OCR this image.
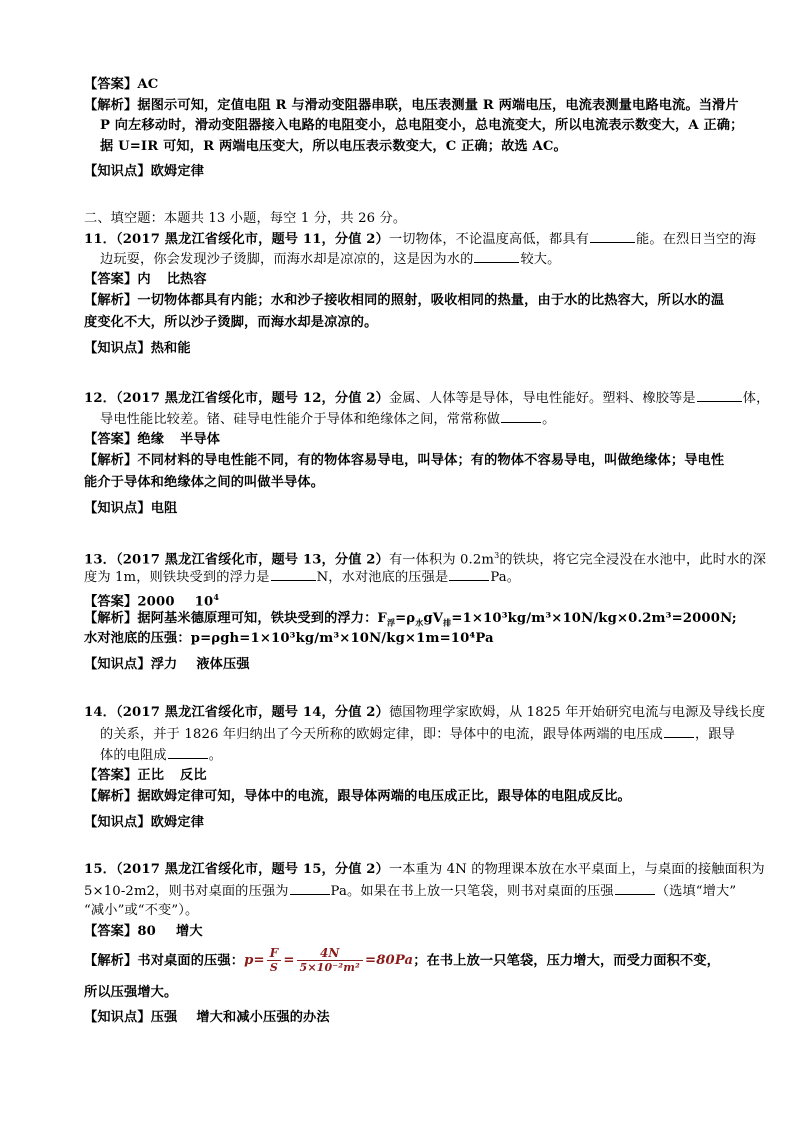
【答案】AC
【解析】据图示可知，定值电阻 R 与滑动变阻器串联，电压表测量 R 两端电压，电流表测量电路电流。当滑片
P 向左移动时，滑动变阻器接入电路的电阻变小，总电阻变小，总电流变大，所以电流表示数变大，A 正确；
据 U=IR 可知，R 两端电压变大，所以电压表示数变大，C 正确；故选 AC。
【知识点】欧姆定律
二、填空题：本题共 13 小题，每空 1 分，共 26 分。
11．（2017 黑龙江省绥化市，题号 11，分值 2）一切物体，不论温度高低，都具有	能。在烈日当空的海
边玩耍，你会发现沙子烫脚，而海水却是凉凉的，这是因为水的	较大。
【答案】内 比热容
【解析】一切物体都具有内能；水和沙子接收相同的照射，吸收相同的热量，由于水的比热容大，所以水的温
度变化不大，所以沙子烫脚，而海水却是凉凉的。
【知识点】热和能
12．（2017 黑龙江省绥化市，题号 12，分值 2）金属、人体等是导体，导电性能好。塑料、橡胶等是	体，
导电性能比较差。锗、硅导电性能介于导体和绝缘体之间，常常称做	。
【答案】绝缘 半导体
【解析】不同材料的导电性能不同，有的物体容易导电，叫导体；有的物体不容易导电，叫做绝缘体；导电性
能介于导体和绝缘体之间的叫做半导体。
【知识点】电阻
13．（2017 黑龙江省绥化市，题号 13，分值 2）有一体积为 $0.2m^3$的铁块，将它完全浸没在水池中，此时水的深
度为 1m，则铁块受到的浮力是	N，水对池底的压强是	Pa。
【答案】2000 $10^4$
【解析】据阿基米德原理可知，铁块受到的浮力：$F_浮=\rho_水gV_排=1\times 10^3kg/m^3\times 10N/kg\times 0.2m^3=2000N$;
水对池底的压强：p=ρgh=1×10³kg/m³×10N/kg×1m=10⁴Pa
【知识点】浮力    液体压强
14．（2017 黑龙江省绥化市，题号 14，分值 2）德国物理学家欧姆，从 1825 年开始研究电流与电源及导线长度
的关系，并于 1826 年归纳出了今天所称的欧姆定律，即：导体中的电流，跟导体两端的电压成 ，跟导
体的电阻成	。
【答案】正比 反比
【解析】据欧姆定律可知，导体中的电流，跟导体两端的电压成正比，跟导体的电阻成反比。
【知识点】欧姆定律
15．（2017 黑龙江省绥化市，题号 15，分值 2）一本重为 4N 的物理课本放在水平桌面上，与桌面的接触面积为
5×10-2m2，则书对桌面的压强为	Pa。如果在书上放一只笔袋，则书对桌面的压强	（选填“增大”
“减小”或“不变”）。
【答案】80 增大
【解析】书对桌面的压强：$p= \frac{F}{S} = \frac{4N}{\text{5×10⁻²m²}} =80Pa$；在书上放一只笔袋，压力增大，而受力面积不变，
所以压强增大。
【知识点】压强    增大和减小压强的办法
